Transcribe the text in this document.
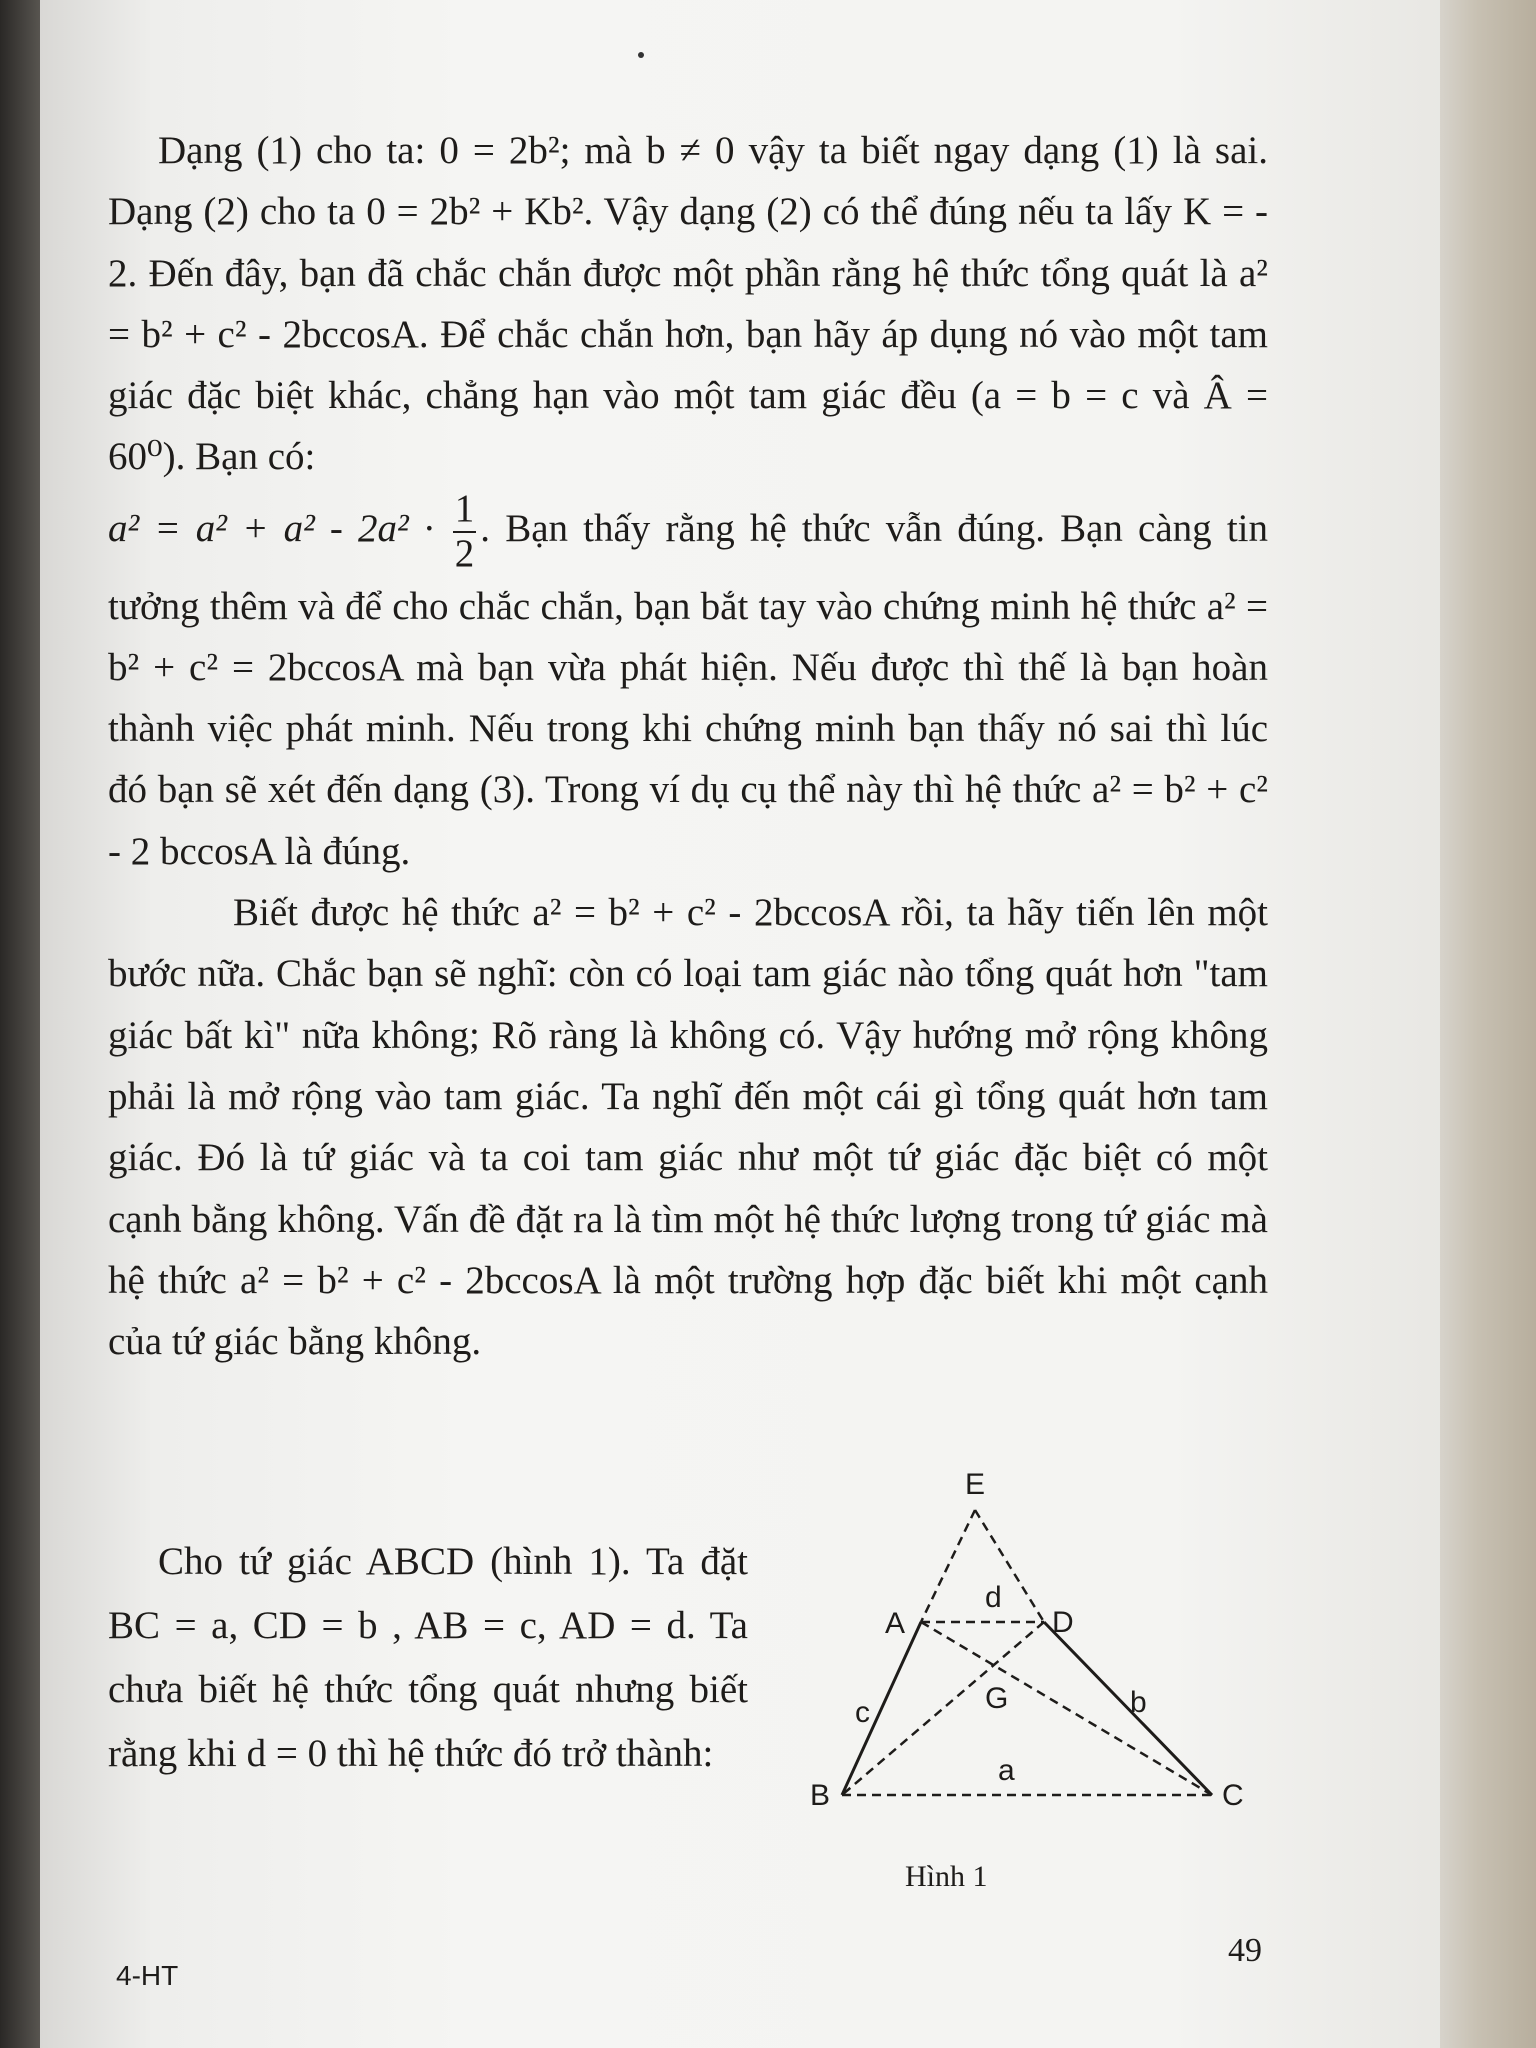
Dạng (1) cho ta: 0 = 2b²; mà b ≠ 0 vậy ta biết ngay dạng (1) là sai. Dạng (2) cho ta 0 = 2b² + Kb². Vậy dạng (2) có thể đúng nếu ta lấy K = - 2. Đến đây, bạn đã chắc chắn được một phần rằng hệ thức tổng quát là a² = b² + c² - 2bccosA. Để chắc chắn hơn, bạn hãy áp dụng nó vào một tam giác đặc biệt khác, chẳng hạn vào một tam giác đều (a = b = c và Â = 60⁰). Bạn có:

$a^2 = a^2 + a^2 - 2a^2 \cdot \frac{1}{2}$ . Bạn thấy rằng hệ thức vẫn đúng. Bạn càng tin tưởng thêm và để cho chắc chắn, bạn bắt tay vào chứng minh hệ thức a² = b² + c² = 2bccosA mà bạn vừa phát hiện. Nếu được thì thế là bạn hoàn thành việc phát minh. Nếu trong khi chứng minh bạn thấy nó sai thì lúc đó bạn sẽ xét đến dạng (3). Trong ví dụ cụ thể này thì hệ thức a² = b² + c² - 2 bccosA là đúng.

Biết được hệ thức a² = b² + c² - 2bccosA rồi, ta hãy tiến lên một bước nữa. Chắc bạn sẽ nghĩ: còn có loại tam giác nào tổng quát hơn "tam giác bất kì" nữa không; Rõ ràng là không có. Vậy hướng mở rộng không phải là mở rộng vào tam giác. Ta nghĩ đến một cái gì tổng quát hơn tam giác. Đó là tứ giác và ta coi tam giác như một tứ giác đặc biệt có một cạnh bằng không. Vấn đề đặt ra là tìm một hệ thức lượng trong tứ giác mà hệ thức a² = b² + c² - 2bccosA là một trường hợp đặc biết khi một cạnh của tứ giác bằng không.

Cho tứ giác ABCD (hình 1). Ta đặt BC = a, CD = b , AB = c, AD = d. Ta chưa biết hệ thức tổng quát nhưng biết rằng khi d = 0 thì hệ thức đó trở thành:

E
A	D
d
G
c	b
B
a
C
Hình 1
49
4-HT
